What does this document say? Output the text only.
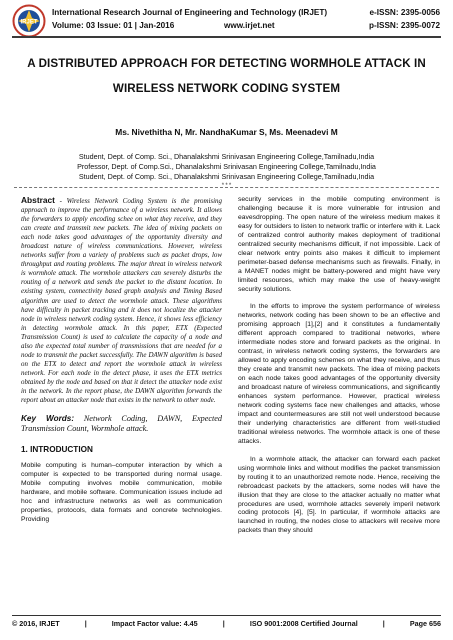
IRJET
International Research Journal of Engineering and Technology (IRJET)
Volume: 03 Issue: 01 | Jan-2016	www.irjet.net
e-ISSN: 2395-0056
p-ISSN: 2395-0072
A DISTRIBUTED APPROACH FOR DETECTING WORMHOLE ATTACK IN
WIRELESS NETWORK CODING SYSTEM
Ms. Nivethitha N, Mr. NandhaKumar S, Ms. Meenadevi M
Student, Dept. of Comp. Sci., Dhanalakshmi Srinivasan Engineering College,Tamilnadu,India
Professor, Dept. of Comp.Sci., Dhanalakshmi Srinivasan Engineering College,Tamilnadu,India
Student, Dept. of Comp. Sci., Dhanalakshmi Srinivasan Engineering College,Tamilnadu,India
***

Abstract - Wireless Network Coding System is the promising approach to improve the performance of a wireless network. It allows the forwarders to apply encoding schee on what they receive, and they can create and transmit new packets. The idea of mixing packets on each node takes good advantages of the opportunity diversity and broadcast nature of wireless communications. However, wireless networks suffer from a variety of problems such as packet drops, low throughput and routing problems. The major threat in wireless network is wormhole attack. The wormhole attackers can severely disturbs the routing of a network and sends the packet to the distant location. In existing system, connectivity based graph analysis and Timing Based algorithm are used to detect the wormhole attack. These algorithms have difficulty in packet tracking and it does not localize the attacker node in wireless network coding system. Hence, it shows less efficiency in detecting wormhole attack. In this paper, ETX (Expected Transmission Count) is used to calculate the capacity of a node and also the expected total number of transmissions that are needed for a node to transmit the packet successfully. The DAWN algorithm is based on the ETX to detect and report the wormhole attack in wireless network. For each node in the detect phase, it uses the ETX metrics obtained by the node and based on that it detect the attacker node exist in the network. In the report phase, the DAWN algorithm forwards the report about an attacker node that exists in the network to other node.

Key Words: Network Coding, DAWN, Expected Transmission Count, Wormhole attack.

1. INTRODUCTION

Mobile computing is human–computer interaction by which a computer is expected to be transported during normal usage. Mobile computing involves mobile communication, mobile hardware, and mobile software. Communication issues include ad hoc and infrastructure networks as well as communication properties, protocols, data formats and concrete technologies. Providing

security services in the mobile computing environment is challenging because it is more vulnerable for intrusion and eavesdropping. The open nature of the wireless medium makes it easy for outsiders to listen to network traffic or interfere with it. Lack of centralized control authority makes deployment of traditional centralized security mechanisms difficult, if not impossible. Lack of clear network entry points also makes it difficult to implement perimeter-based defense mechanisms such as firewalls. Finally, in a MANET nodes might be battery-powered and might have very limited resources, which may make the use of heavy-weight security solutions.

In the efforts to improve the system performance of wireless networks, network coding has been shown to be an effective and promising approach [1],[2] and it constitutes a fundamentally different approach compared to traditional networks, where intermediate nodes store and forward packets as the original. In contrast, in wireless network coding systems, the forwarders are allowed to apply encoding schemes on what they receive, and thus they create and transmit new packets. The idea of mixing packets on each node takes good advantages of the opportunity diversity and broadcast nature of wireless communications, and significantly enhances system performance. However, practical wireless network coding systems face new challenges and attacks, whose impact and countermeasures are still not well understood because their underlying characteristics are different from well-studied traditional wireless networks. The wormhole attack is one of these attacks.

In a wormhole attack, the attacker can forward each packet using wormhole links and without modifies the packet transmission by routing it to an unauthorized remote node. Hence, receiving the rebroadcast packets by the attackers, some nodes will have the illusion that they are close to the attacker actually no matter what procedures are used, wormhole attacks severely imperil network coding protocols [4], [5]. In particular, if wormhole attacks are launched in routing, the nodes close to attackers will receive more packets than they should

© 2016, IRJET	|	Impact Factor value: 4.45	|	ISO 9001:2008 Certified Journal	|	Page 656
